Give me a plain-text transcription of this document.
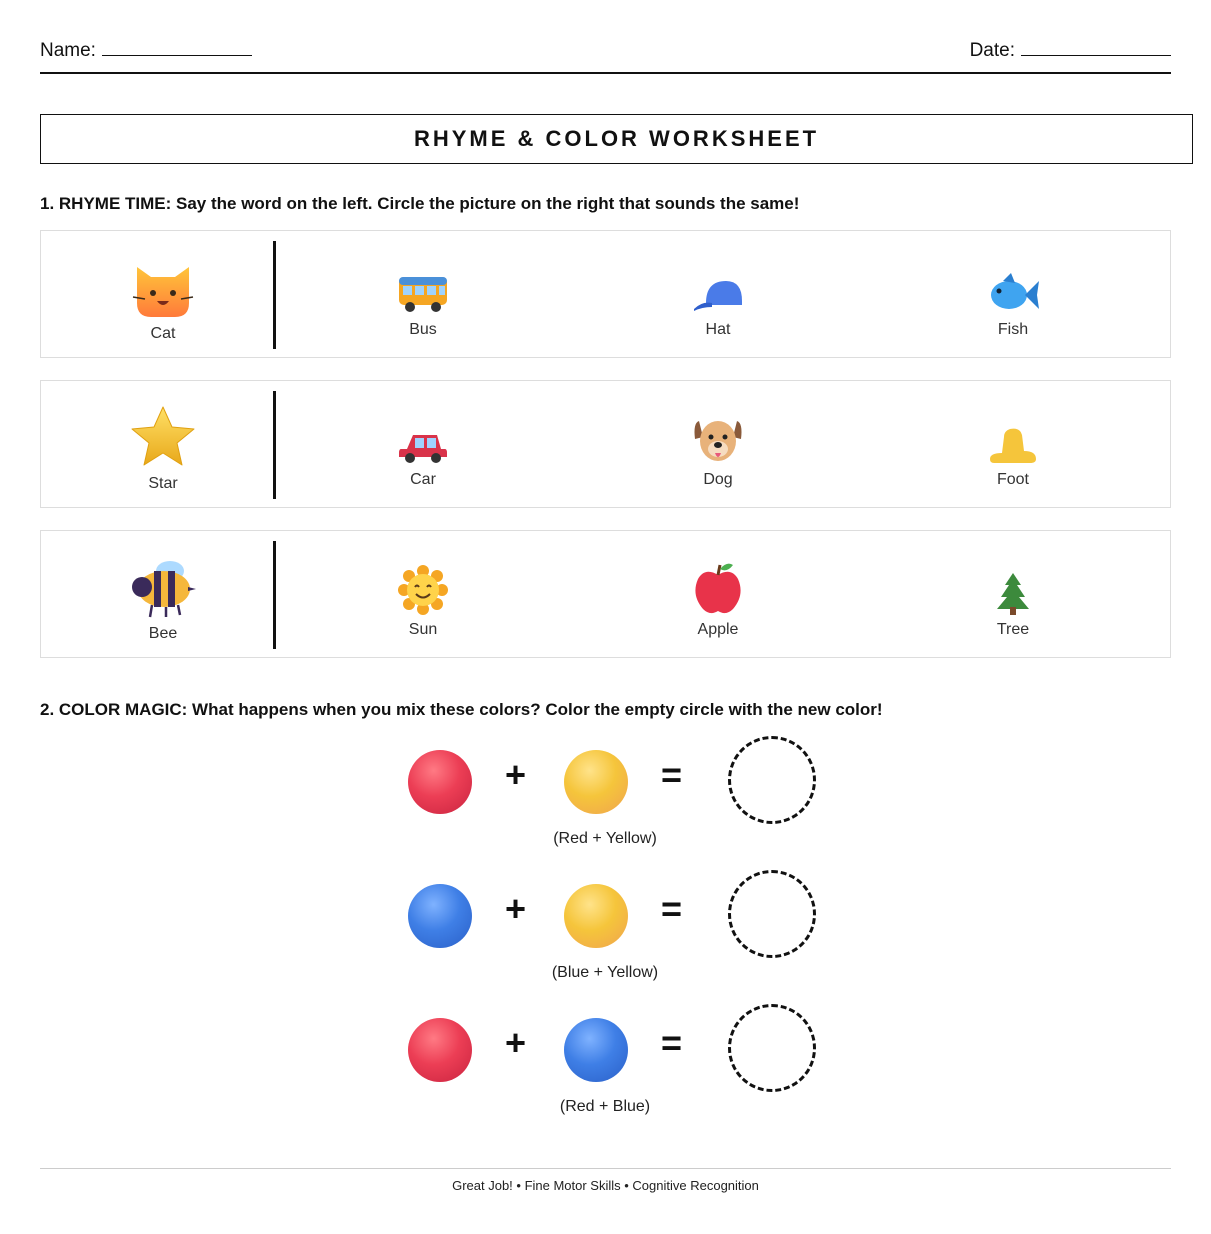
Name:	Date:
RHYME & COLOR WORKSHEET
1. RHYME TIME: Say the word on the left. Circle the picture on the right that sounds the same!
Cat	Bus	Hat	Fish
Star	Car	Dog	Foot
Bee	Sun	Apple	Tree
2. COLOR MAGIC: What happens when you mix these colors? Color the empty circle with the new color!
+	=
(Red + Yellow)
+	=
(Blue + Yellow)
+	=
(Red + Blue)
Great Job! • Fine Motor Skills • Cognitive Recognition
